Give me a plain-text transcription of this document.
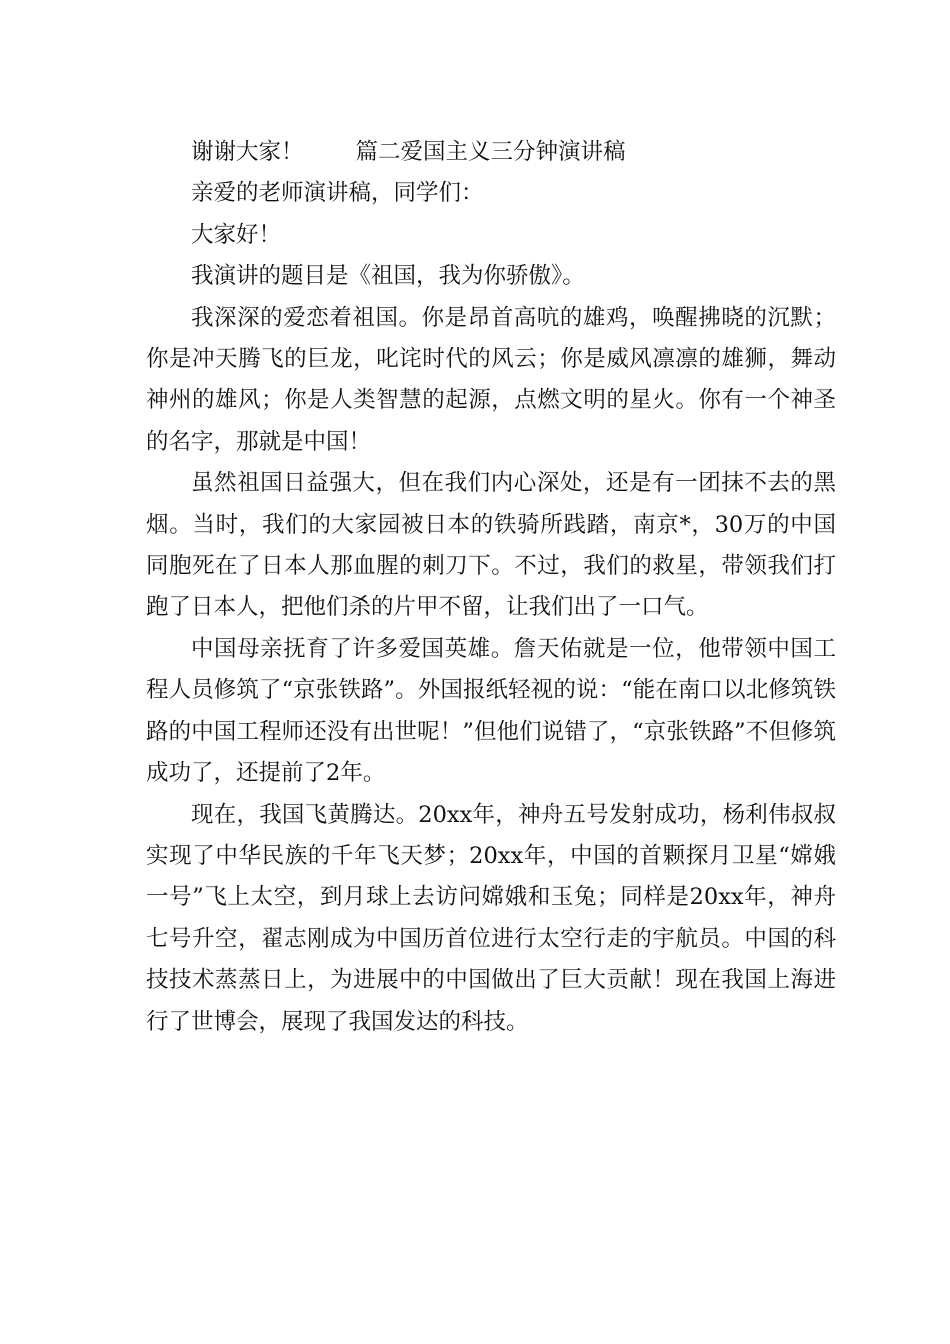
谢谢大家！ 篇二爱国主义三分钟演讲稿

亲爱的老师演讲稿，同学们：

大家好！

我演讲的题目是《祖国，我为你骄傲》。

我深深的爱恋着祖国。你是昂首高吭的雄鸡，唤醒拂晓的沉默；你是冲天腾飞的巨龙，叱诧时代的风云；你是威风凛凛的雄狮，舞动神州的雄风；你是人类智慧的起源，点燃文明的星火。你有一个神圣的名字，那就是中国！

虽然祖国日益强大，但在我们内心深处，还是有一团抹不去的黑烟。当时，我们的大家园被日本的铁骑所践踏，南京*，30万的中国同胞死在了日本人那血腥的刺刀下。不过，我们的救星，带领我们打跑了日本人，把他们杀的片甲不留，让我们出了一口气。

中国母亲抚育了许多爱国英雄。詹天佑就是一位，他带领中国工程人员修筑了“京张铁路”。外国报纸轻视的说：“能在南口以北修筑铁路的中国工程师还没有出世呢！”但他们说错了，“京张铁路”不但修筑成功了，还提前了2年。

现在，我国飞黄腾达。20xx年，神舟五号发射成功，杨利伟叔叔实现了中华民族的千年飞天梦；20xx年，中国的首颗探月卫星“嫦娥一号”飞上太空，到月球上去访问嫦娥和玉兔；同样是20xx年，神舟七号升空，翟志刚成为中国历首位进行太空行走的宇航员。中国的科技技术蒸蒸日上，为进展中的中国做出了巨大贡献！现在我国上海进行了世博会，展现了我国发达的科技。
